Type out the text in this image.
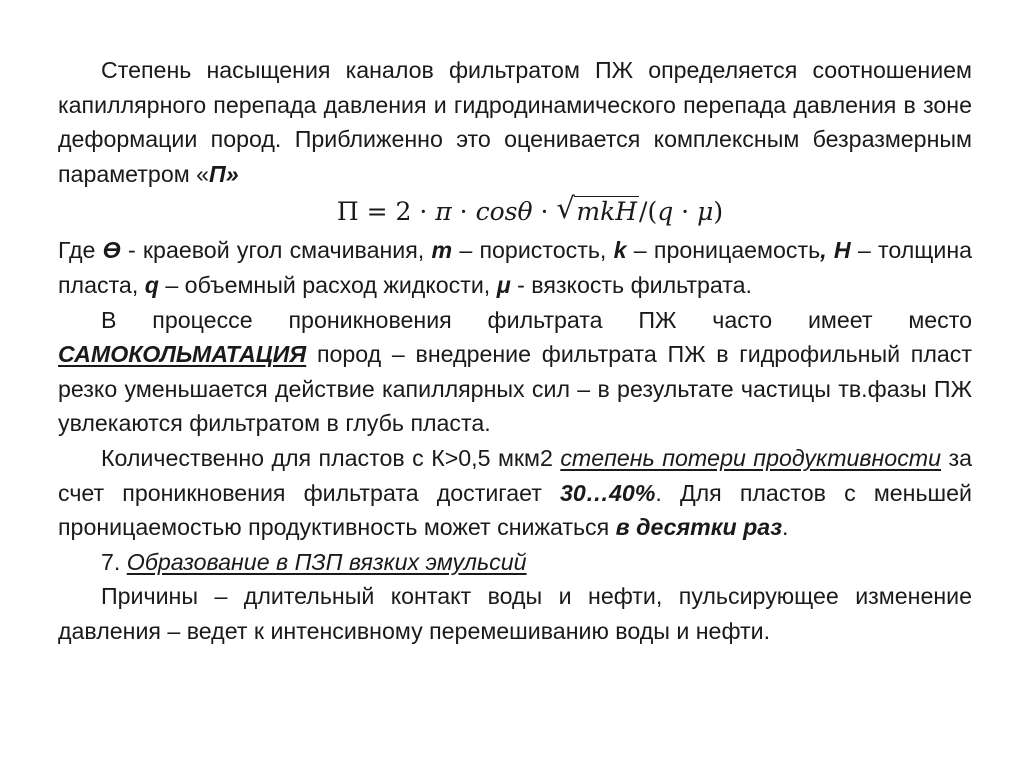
Степень насыщения каналов фильтратом ПЖ определяется соотношением капиллярного перепада давления и гидродинамического перепада давления в зоне деформации пород. Приближенно это оценивается комплексным безразмерным параметром «П»

Π = 2 · π · cosθ · √ mkH/(q · μ)

Где Ө - краевой угол смачивания, m – пористость, k – проницаемость, H – толщина пласта, q – объемный расход жидкости, μ - вязкость фильтрата.

В процессе проникновения фильтрата ПЖ часто имеет место САМОКОЛЬМАТАЦИЯ пород – внедрение фильтрата ПЖ в гидрофильный пласт резко уменьшается действие капиллярных сил – в результате частицы тв.фазы ПЖ увлекаются фильтратом в глубь пласта.

Количественно для пластов с К>0,5 мкм2 степень потери продуктивности за счет проникновения фильтрата достигает 30…40%. Для пластов с меньшей проницаемостью продуктивность может снижаться в десятки раз.

7. Образование в ПЗП вязких эмульсий

Причины – длительный контакт воды и нефти, пульсирующее изменение давления – ведет к интенсивному перемешиванию воды и нефти.
